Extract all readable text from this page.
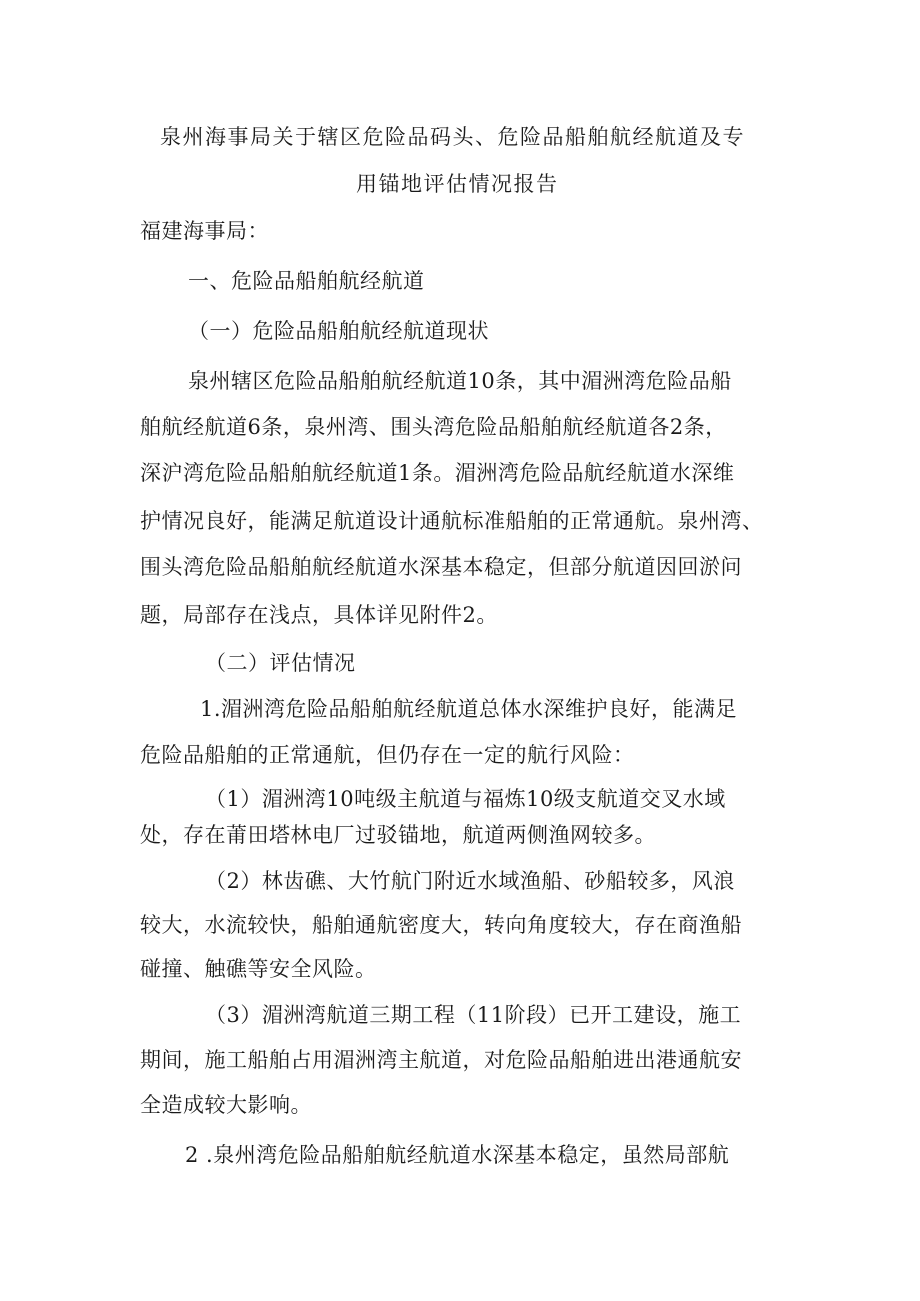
泉州海事局关于辖区危险品码头、危险品船舶航经航道及专
用锚地评估情况报告
福建海事局：
一、危险品船舶航经航道
（一）危险品船舶航经航道现状
泉州辖区危险品船舶航经航道10条，其中湄洲湾危险品船
舶航经航道6条，泉州湾、围头湾危险品船舶航经航道各2条，
深沪湾危险品船舶航经航道1条。湄洲湾危险品航经航道水深维
护情况良好，能满足航道设计通航标准船舶的正常通航。泉州湾、
围头湾危险品船舶航经航道水深基本稳定，但部分航道因回淤问
题，局部存在浅点，具体详见附件2。
（二）评估情况
1.湄洲湾危险品船舶航经航道总体水深维护良好，能满足
危险品船舶的正常通航，但仍存在一定的航行风险：
（1）湄洲湾10吨级主航道与福炼10级支航道交叉水域
处，存在莆田塔林电厂过驳锚地，航道两侧渔网较多。
（2）林齿礁、大竹航门附近水域渔船、砂船较多，风浪
较大，水流较快，船舶通航密度大，转向角度较大，存在商渔船
碰撞、触礁等安全风险。
（3）湄洲湾航道三期工程（11阶段）已开工建设，施工
期间，施工船舶占用湄洲湾主航道，对危险品船舶进出港通航安
全造成较大影响。
2 .泉州湾危险品船舶航经航道水深基本稳定，虽然局部航
